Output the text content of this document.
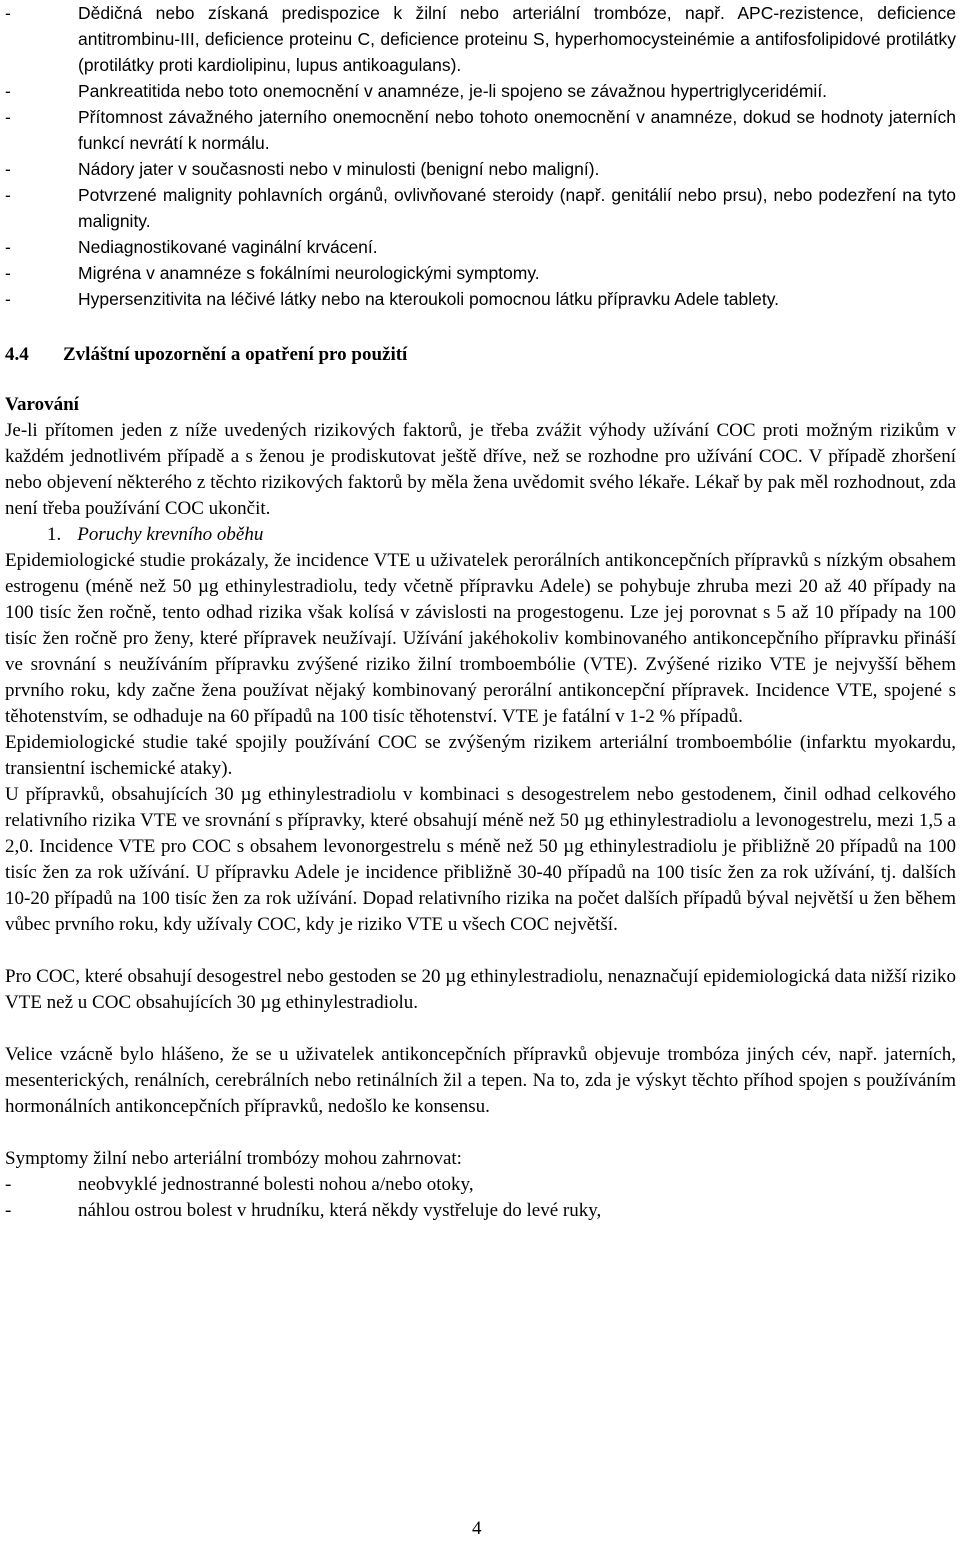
- Dědičná nebo získaná predispozice k žilní nebo arteriální trombóze, např. APC-rezistence, deficience antitrombinu-III, deficience proteinu C, deficience proteinu S, hyperhomocysteinémie a antifosfolipidové protilátky (protilátky proti kardiolipinu, lupus antikoagulans).
- Pankreatitida nebo toto onemocnění v anamnéze, je-li spojeno se závažnou hypertriglyceridémií.
- Přítomnost závažného jaterního onemocnění nebo tohoto onemocnění v anamnéze, dokud se hodnoty jaterních funkcí nevrátí k normálu.
- Nádory jater v současnosti nebo v minulosti (benigní nebo maligní).
- Potvrzené malignity pohlavních orgánů, ovlivňované steroidy (např. genitálií nebo prsu), nebo podezření na tyto malignity.
- Nediagnostikované vaginální krvácení.
- Migréna v anamnéze s fokálními neurologickými symptomy.
- Hypersenzitivita na léčivé látky nebo na kteroukoli pomocnou látku přípravku Adele tablety.
4.4	Zvláštní upozornění a opatření pro použití

Varování

Je-li přítomen jeden z níže uvedených rizikových faktorů, je třeba zvážit výhody užívání COC proti možným rizikům v každém jednotlivém případě a s ženou je prodiskutovat ještě dříve, než se rozhodne pro užívání COC. V případě zhoršení nebo objevení některého z těchto rizikových faktorů by měla žena uvědomit svého lékaře. Lékař by pak měl rozhodnout, zda není třeba používání COC ukončit.

1. Poruchy krevního oběhu

Epidemiologické studie prokázaly, že incidence VTE u uživatelek perorálních antikoncepčních přípravků s nízkým obsahem estrogenu (méně než 50 µg ethinylestradiolu, tedy včetně přípravku Adele) se pohybuje zhruba mezi 20 až 40 případy na 100 tisíc žen ročně, tento odhad rizika však kolísá v závislosti na progestogenu. Lze jej porovnat s 5 až 10 případy na 100 tisíc žen ročně pro ženy, které přípravek neužívají. Užívání jakéhokoliv kombinovaného antikoncepčního přípravku přináší ve srovnání s neužíváním přípravku zvýšené riziko žilní tromboembólie (VTE). Zvýšené riziko VTE je nejvyšší během prvního roku, kdy začne žena používat nějaký kombinovaný perorální antikoncepční přípravek. Incidence VTE, spojené s těhotenstvím, se odhaduje na 60 případů na 100 tisíc těhotenství. VTE je fatální v 1-2 % případů.

Epidemiologické studie také spojily používání COC se zvýšeným rizikem arteriální tromboembólie (infarktu myokardu, transientní ischemické ataky).

U přípravků, obsahujících 30 µg ethinylestradiolu v kombinaci s desogestrelem nebo gestodenem, činil odhad celkového relativního rizika VTE ve srovnání s přípravky, které obsahují méně než 50 µg ethinylestradiolu a levonogestrelu, mezi 1,5 a 2,0. Incidence VTE pro COC s obsahem levonorgestrelu s méně než 50 µg ethinylestradiolu je přibližně 20 případů na 100 tisíc žen za rok užívání. U přípravku Adele je incidence přibližně 30-40 případů na 100 tisíc žen za rok užívání, tj. dalších 10-20 případů na 100 tisíc žen za rok užívání. Dopad relativního rizika na počet dalších případů býval největší u žen během vůbec prvního roku, kdy užívaly COC, kdy je riziko VTE u všech COC největší.

Pro COC, které obsahují desogestrel nebo gestoden se 20 µg ethinylestradiolu, nenaznačují epidemiologická data nižší riziko VTE než u COC obsahujících 30 µg ethinylestradiolu.

Velice vzácně bylo hlášeno, že se u uživatelek antikoncepčních přípravků objevuje trombóza jiných cév, např. jaterních, mesenterických, renálních, cerebrálních nebo retinálních žil a tepen. Na to, zda je výskyt těchto příhod spojen s používáním hormonálních antikoncepčních přípravků, nedošlo ke konsensu.

Symptomy žilní nebo arteriální trombózy mohou zahrnovat:

- neobvyklé jednostranné bolesti nohou a/nebo otoky,
- náhlou ostrou bolest v hrudníku, která někdy vystřeluje do levé ruky,
4
